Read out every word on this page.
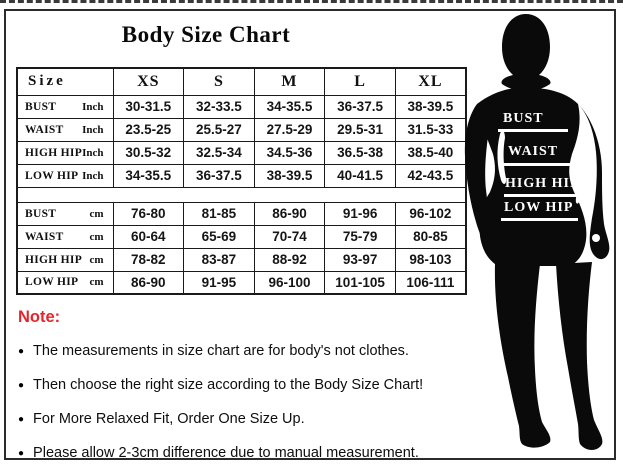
Body Size Chart
Size	XS	S	M	L	XL

BUST Inch	30-31.5	32-33.5	34-35.5	36-37.5	38-39.5

WAIST Inch	23.5-25	25.5-27	27.5-29	29.5-31	31.5-33

HIGH HIP Inch	30.5-32	32.5-34	34.5-36	36.5-38	38.5-40

LOW HIP Inch	34-35.5	36-37.5	38-39.5	40-41.5	42-43.5

BUST cm	76-80	81-85	86-90	91-96	96-102

WAIST cm	60-64	65-69	70-74	75-79	80-85

HIGH HIP cm	78-82	83-87	88-92	93-97	98-103

LOW HIP cm	86-90	91-95	96-100	101-105	106-111
BUST
WAIST
HIGH HIP
LOW HIP
Note:
● The measurements in size chart are for body's not clothes.
● Then choose the right size according to the Body Size Chart!
● For More Relaxed Fit, Order One Size Up.
● Please allow 2-3cm difference due to manual measurement.
